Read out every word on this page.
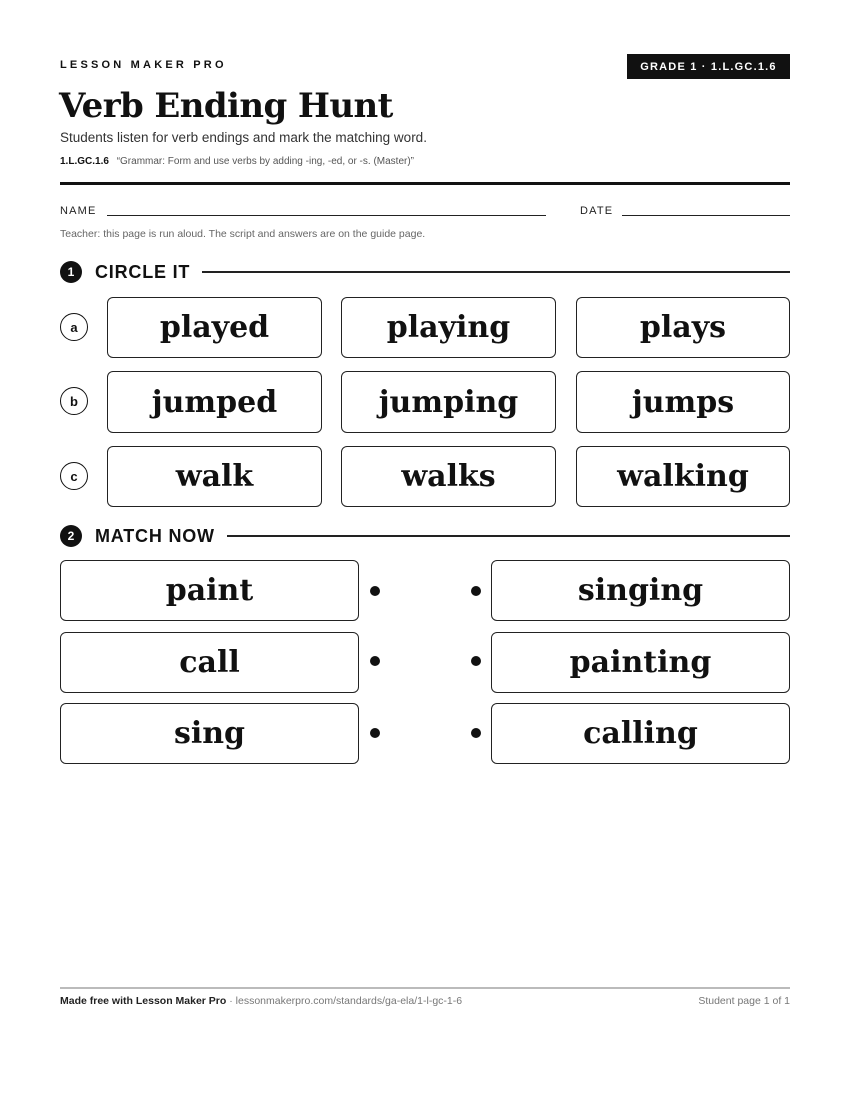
LESSON MAKER PRO	GRADE 1 · 1.L.GC.1.6
Verb Ending Hunt
Students listen for verb endings and mark the matching word.
1.L.GC.1.6 “Grammar: Form and use verbs by adding -ing, -ed, or -s. (Master)”
NAME	DATE
Teacher: this page is run aloud. The script and answers are on the guide page.
1	CIRCLE IT
a	played	playing	plays
b	jumped	jumping	jumps
c	walk	walks	walking
2	MATCH NOW
paint	singing
call	painting
sing	calling
Made free with Lesson Maker Pro · lessonmakerpro.com/standards/ga-ela/1-l-gc-1-6	Student page 1 of 1
